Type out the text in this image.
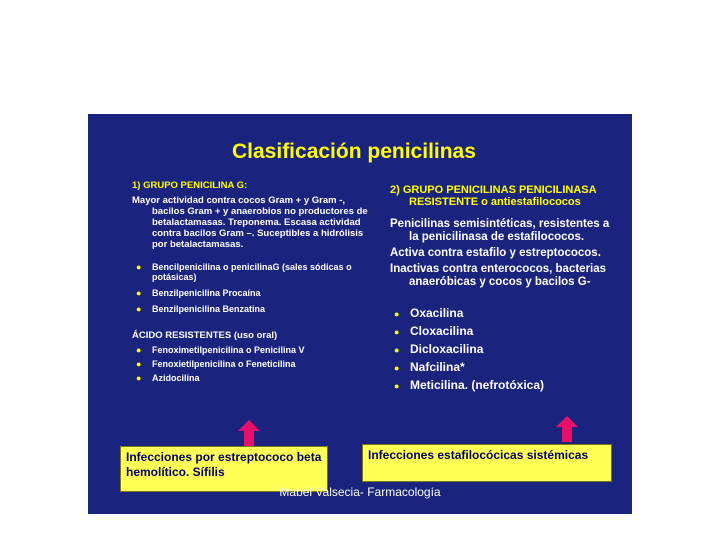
Clasificación penicilinas
1) GRUPO PENICILINA G:

Mayor actividad contra cocos Gram + y Gram -, bacilos Gram + y anaerobios no productores de betalactamasas. Treponema. Escasa actividad contra bacilos Gram –. Suceptibles a hidrólisis por betalactamasas.

● Bencilpenicilina o penicilinaG (sales sódicas o potásicas)
● Benzilpenicilina Procaína
● Benzilpenicilina Benzatina
ÁCIDO RESISTENTES (uso oral)
● Fenoximetilpenicilina o Penicilina V
● Fenoxietilpenicilina o Feneticilina
● Azidocilina

2) GRUPO PENICILINAS PENICILINASA RESISTENTE o antiestafilococos

Penicilinas semisintéticas, resistentes a la penicilinasa de estafilococos.

Activa contra estafilo y estreptococos.

Inactivas contra enterococos, bacterias anaeróbicas y cocos y bacilos G-

● Oxacilina
● Cloxacilina
● Dicloxacilina
● Nafcilina*
● Meticilina. (nefrotóxica)
Infecciones por estreptococo beta hemolítico. Sífilis
Infecciones estafilocócicas sistémicas
Mabel Valsecia- Farmacología
